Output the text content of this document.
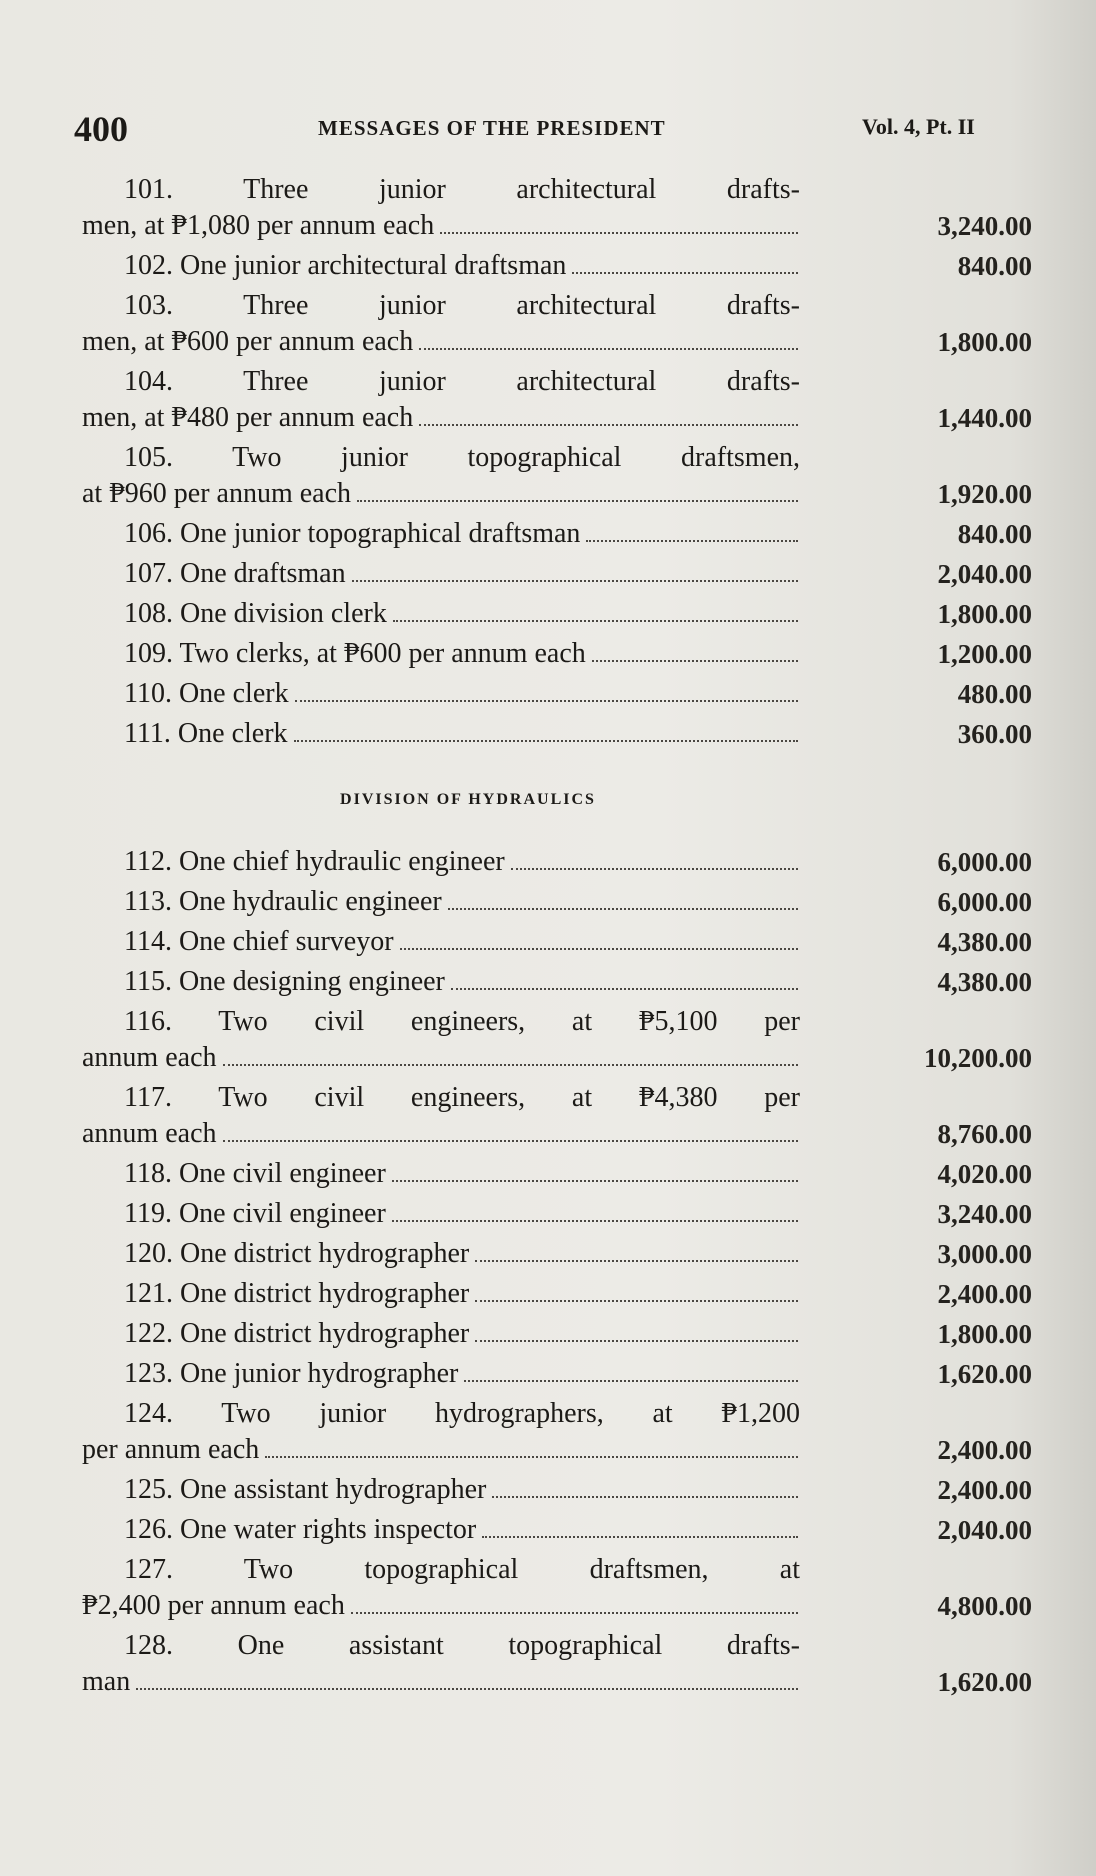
400	MESSAGES OF THE PRESIDENT	Vol. 4, Pt. II
101. Three junior architectural drafts-
men, at ₱1,080 per annum each	3,240.00
102. One junior architectural draftsman	840.00
103. Three junior architectural drafts-
men, at ₱600 per annum each	1,800.00
104. Three junior architectural drafts-
men, at ₱480 per annum each	1,440.00
105. Two junior topographical draftsmen,
at ₱960 per annum each	1,920.00
106. One junior topographical draftsman	840.00
107. One draftsman	2,040.00
108. One division clerk	1,800.00
109. Two clerks, at ₱600 per annum each	1,200.00
110. One clerk	480.00
111. One clerk	360.00
DIVISION OF HYDRAULICS
112. One chief hydraulic engineer	6,000.00
113. One hydraulic engineer	6,000.00
114. One chief surveyor	4,380.00
115. One designing engineer	4,380.00
116. Two civil engineers, at ₱5,100 per
annum each	10,200.00
117. Two civil engineers, at ₱4,380 per
annum each	8,760.00
118. One civil engineer	4,020.00
119. One civil engineer	3,240.00
120. One district hydrographer	3,000.00
121. One district hydrographer	2,400.00
122. One district hydrographer	1,800.00
123. One junior hydrographer	1,620.00
124. Two junior hydrographers, at ₱1,200
per annum each	2,400.00
125. One assistant hydrographer	2,400.00
126. One water rights inspector	2,040.00
127. Two topographical draftsmen, at
₱2,400 per annum each	4,800.00
128. One assistant topographical drafts-
man	1,620.00
